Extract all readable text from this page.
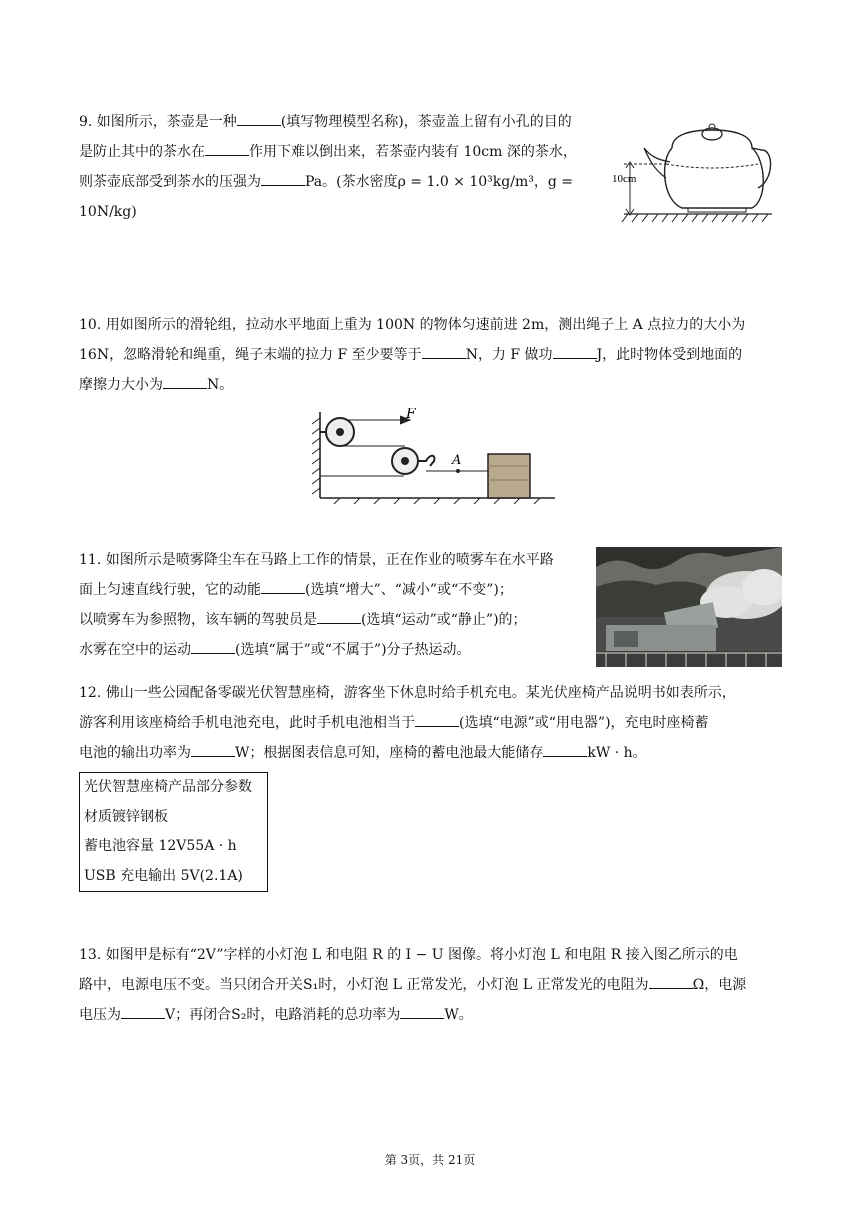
9. 如图所示，茶壶是一种	(填写物理模型名称)，茶壶盖上留有小孔的目的
是防止其中的茶水在	作用下难以倒出来，若茶壶内装有 10cm 深的茶水，
则茶壶底部受到茶水的压强为	Pa。(茶水密度ρ = 1.0 × 10³kg/m³，g =
10N/kg)
10cm
10. 用如图所示的滑轮组，拉动水平地面上重为 100N 的物体匀速前进 2m，测出绳子上 A 点拉力的大小为
16N，忽略滑轮和绳重，绳子末端的拉力 F 至少要等于	N，力 F 做功	J，此时物体受到地面的
摩擦力大小为	N。
F
A
11. 如图所示是喷雾降尘车在马路上工作的情景，正在作业的喷雾车在水平路
面上匀速直线行驶，它的动能	(选填“增大”、“减小”或“不变”)；
以喷雾车为参照物，该车辆的驾驶员是	(选填“运动”或“静止”)的；
水雾在空中的运动	(选填“属于”或“不属于”)分子热运动。
12. 佛山一些公园配备零碳光伏智慧座椅，游客坐下休息时给手机充电。某光伏座椅产品说明书如表所示，
游客利用该座椅给手机电池充电，此时手机电池相当于	(选填“电源”或“用电器”)，充电时座椅蓄
电池的输出功率为	W；根据图表信息可知，座椅的蓄电池最大能储存	kW · h。
光伏智慧座椅产品部分参数
材质镀锌钢板
蓄电池容量 12V55A · h
USB 充电输出 5V(2.1A)
13. 如图甲是标有“2V”字样的小灯泡 L 和电阻 R 的 I − U 图像。将小灯泡 L 和电阻 R 接入图乙所示的电
路中，电源电压不变。当只闭合开关S₁时，小灯泡 L 正常发光，小灯泡 L 正常发光的电阻为	Ω，电源
电压为	V；再闭合S₂时，电路消耗的总功率为	W。
第 3页，共 21页
